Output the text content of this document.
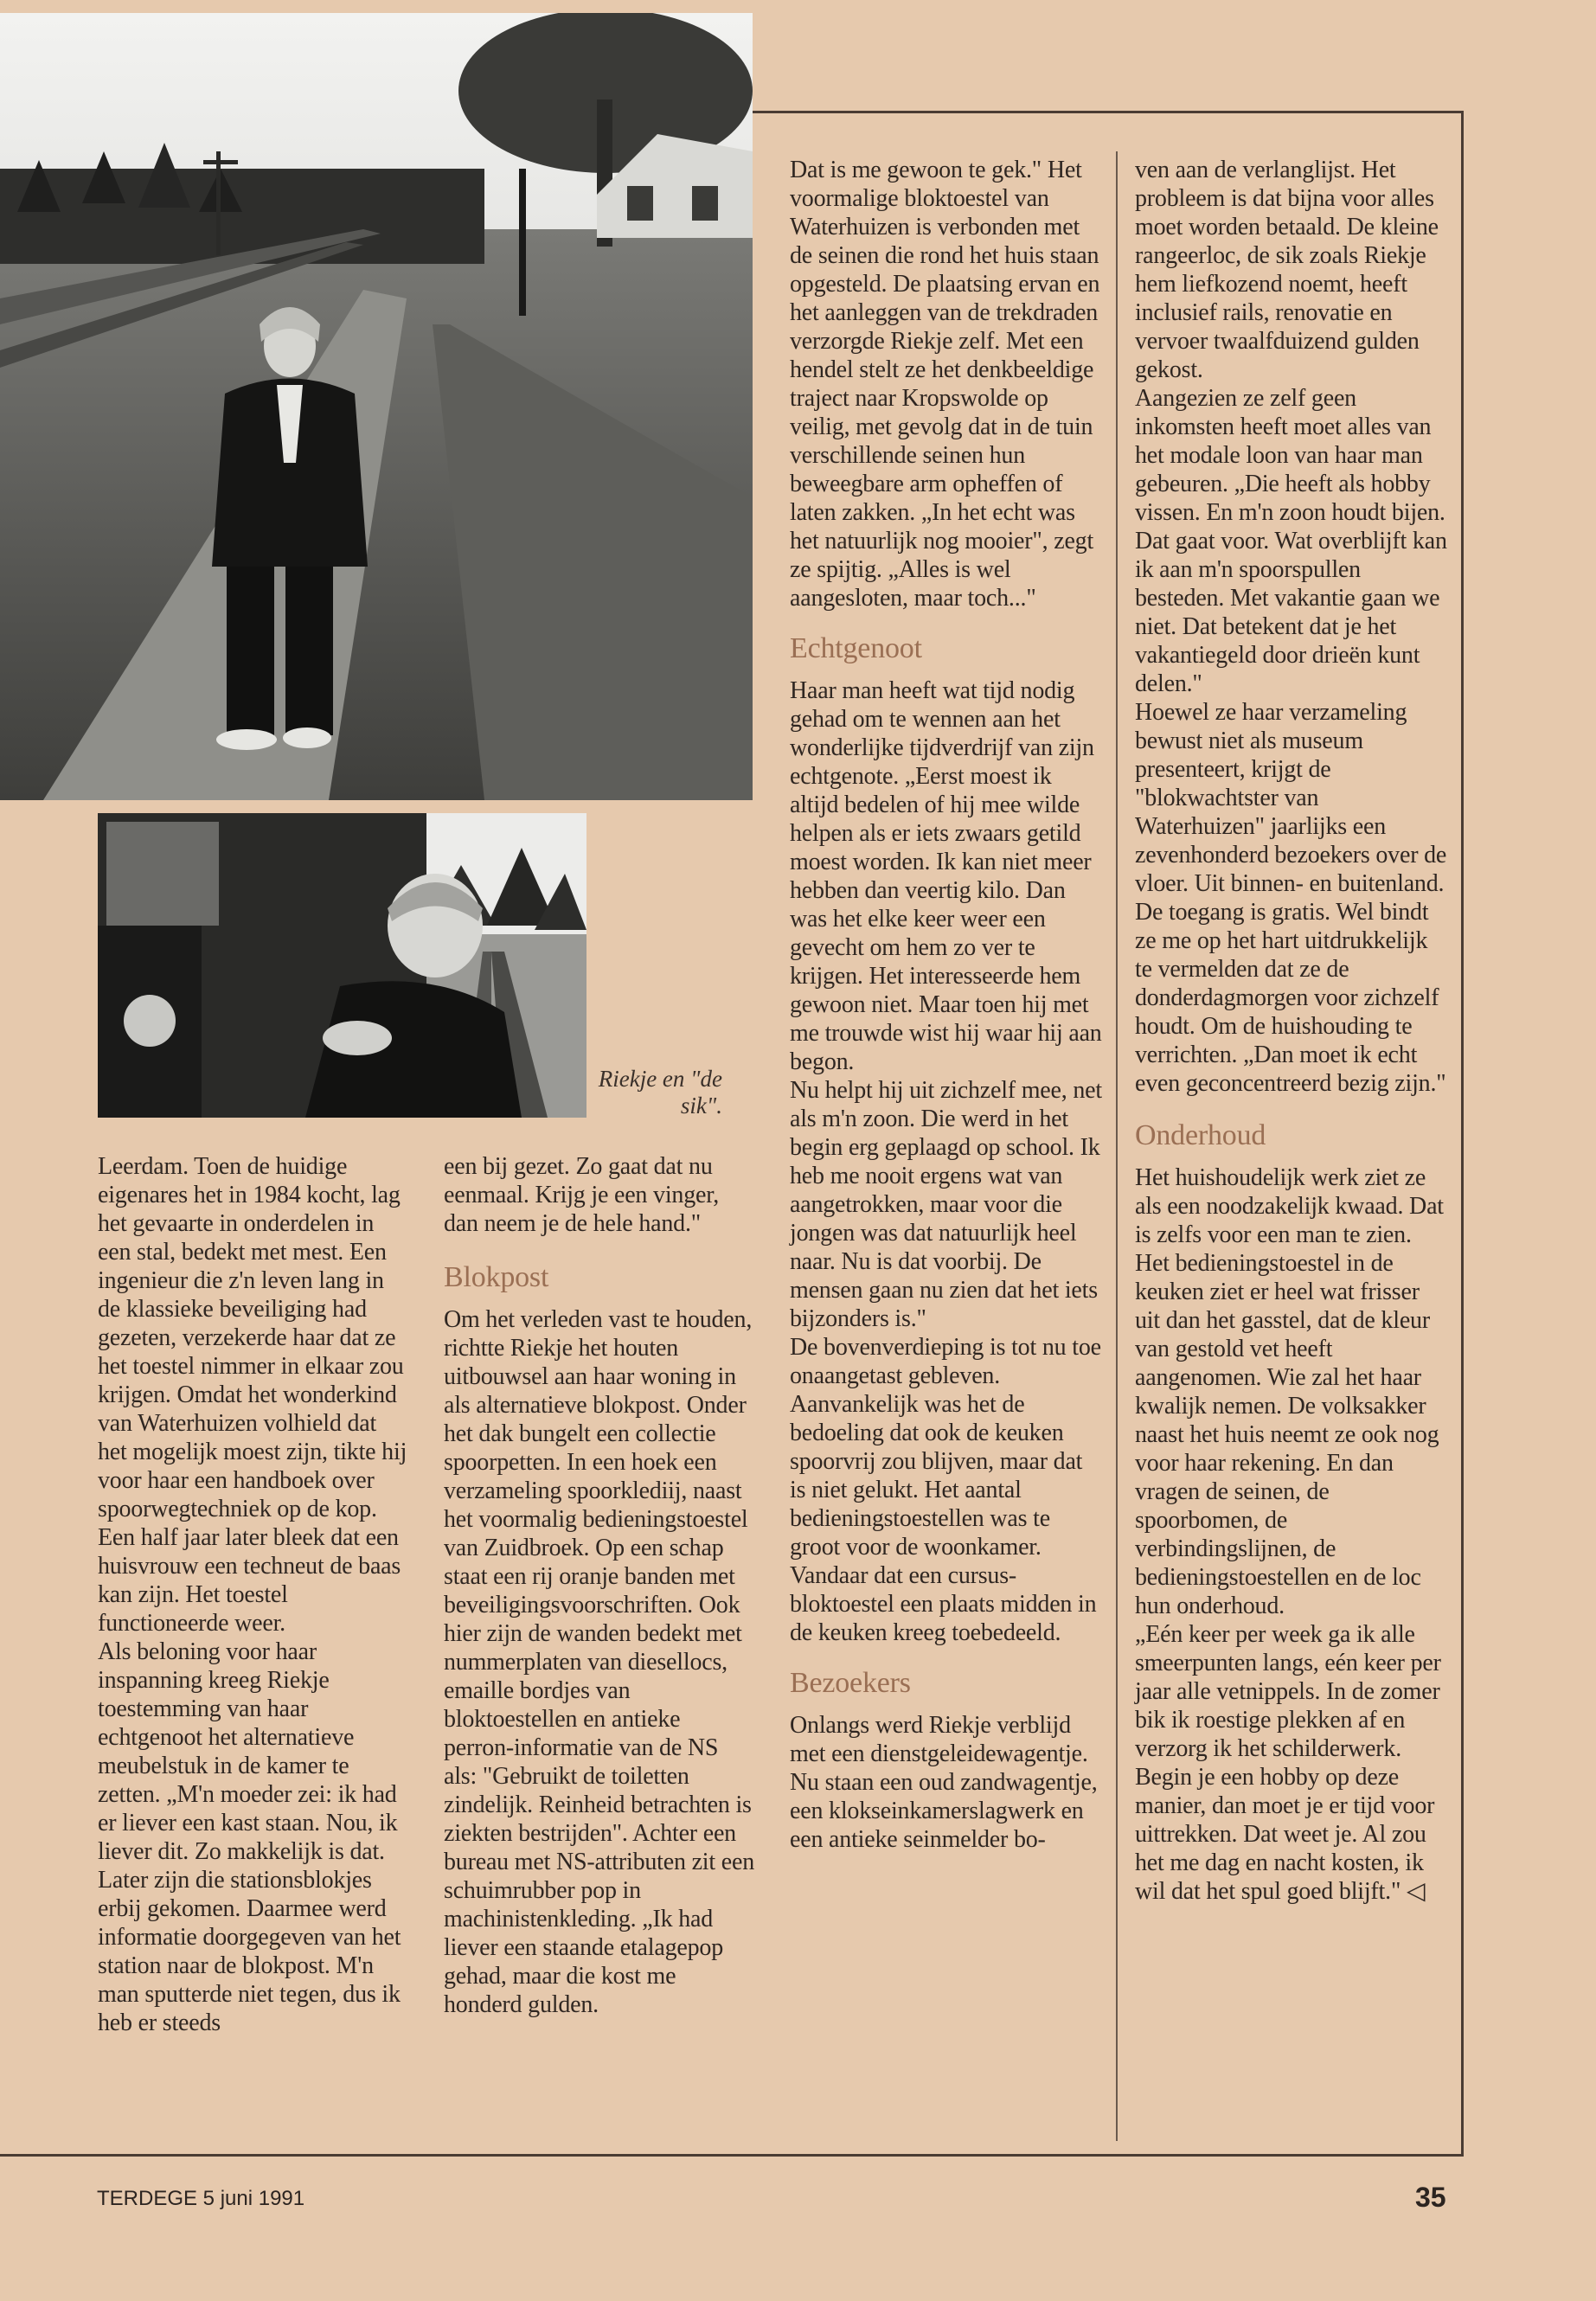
Riekje en "de sik".

Leerdam. Toen de huidige eigenares het in 1984 kocht, lag het gevaarte in onderdelen in een stal, bedekt met mest. Een ingenieur die z'n leven lang in de klassieke beveiliging had gezeten, verzekerde haar dat ze het toestel nimmer in elkaar zou krijgen. Omdat het wonderkind van Waterhuizen volhield dat het mogelijk moest zijn, tikte hij voor haar een handboek over spoorwegtechniek op de kop. Een half jaar later bleek dat een huisvrouw een techneut de baas kan zijn. Het toestel functioneerde weer.

Als beloning voor haar inspanning kreeg Riekje toestemming van haar echtgenoot het alternatieve meubelstuk in de kamer te zetten. „M'n moeder zei: ik had er liever een kast staan. Nou, ik liever dit. Zo makkelijk is dat. Later zijn die stationsblokjes erbij gekomen. Daarmee werd informatie doorgegeven van het station naar de blokpost. M'n man sputterde niet tegen, dus ik heb er steeds

een bij gezet. Zo gaat dat nu eenmaal. Krijg je een vinger, dan neem je de hele hand."

Blokpost

Om het verleden vast te houden, richtte Riekje het houten uitbouwsel aan haar woning in als alternatieve blokpost. Onder het dak bungelt een collectie spoorpetten. In een hoek een verzameling spoorklediij, naast het voormalig bedieningstoestel van Zuidbroek. Op een schap staat een rij oranje banden met beveiligingsvoorschriften. Ook hier zijn de wanden bedekt met nummerplaten van diesellocs, emaille bordjes van bloktoestellen en antieke perron-informatie van de NS als: "Gebruikt de toiletten zindelijk. Reinheid betrachten is ziekten bestrijden". Achter een bureau met NS-attributen zit een schuimrubber pop in machinistenkleding. „Ik had liever een staande etalagepop gehad, maar die kost me honderd gulden.

Dat is me gewoon te gek." Het voormalige bloktoestel van Waterhuizen is verbonden met de seinen die rond het huis staan opgesteld. De plaatsing ervan en het aanleggen van de trekdraden verzorgde Riekje zelf. Met een hendel stelt ze het denkbeeldige traject naar Kropswolde op veilig, met gevolg dat in de tuin verschillende seinen hun beweegbare arm opheffen of laten zakken. „In het echt was het natuurlijk nog mooier", zegt ze spijtig. „Alles is wel aangesloten, maar toch..."

Echtgenoot

Haar man heeft wat tijd nodig gehad om te wennen aan het wonderlijke tijdverdrijf van zijn echtgenote. „Eerst moest ik altijd bedelen of hij mee wilde helpen als er iets zwaars getild moest worden. Ik kan niet meer hebben dan veertig kilo. Dan was het elke keer weer een gevecht om hem zo ver te krijgen. Het interesseerde hem gewoon niet. Maar toen hij met me trouwde wist hij waar hij aan begon.

Nu helpt hij uit zichzelf mee, net als m'n zoon. Die werd in het begin erg geplaagd op school. Ik heb me nooit ergens wat van aangetrokken, maar voor die jongen was dat natuurlijk heel naar. Nu is dat voorbij. De mensen gaan nu zien dat het iets bijzonders is."

De bovenverdieping is tot nu toe onaangetast gebleven. Aanvankelijk was het de bedoeling dat ook de keuken spoorvrij zou blijven, maar dat is niet gelukt. Het aantal bedieningstoestellen was te groot voor de woonkamer. Vandaar dat een cursus-bloktoestel een plaats midden in de keuken kreeg toebedeeld.

Bezoekers

Onlangs werd Riekje verblijd met een dienstgeleidewagentje. Nu staan een oud zandwagentje, een klokseinkamerslagwerk en een antieke seinmelder bo-

ven aan de verlanglijst. Het probleem is dat bijna voor alles moet worden betaald. De kleine rangeerloc, de sik zoals Riekje hem liefkozend noemt, heeft inclusief rails, renovatie en vervoer twaalfduizend gulden gekost.

Aangezien ze zelf geen inkomsten heeft moet alles van het modale loon van haar man gebeuren. „Die heeft als hobby vissen. En m'n zoon houdt bijen. Dat gaat voor. Wat overblijft kan ik aan m'n spoorspullen besteden. Met vakantie gaan we niet. Dat betekent dat je het vakantiegeld door drieën kunt delen."

Hoewel ze haar verzameling bewust niet als museum presenteert, krijgt de "blokwachtster van Waterhuizen" jaarlijks een zevenhonderd bezoekers over de vloer. Uit binnen- en buitenland. De toegang is gratis. Wel bindt ze me op het hart uitdrukkelijk te vermelden dat ze de donderdagmorgen voor zichzelf houdt. Om de huishouding te verrichten. „Dan moet ik echt even geconcentreerd bezig zijn."

Onderhoud

Het huishoudelijk werk ziet ze als een noodzakelijk kwaad. Dat is zelfs voor een man te zien. Het bedieningstoestel in de keuken ziet er heel wat frisser uit dan het gasstel, dat de kleur van gestold vet heeft aangenomen. Wie zal het haar kwalijk nemen. De volksakker naast het huis neemt ze ook nog voor haar rekening. En dan vragen de seinen, de spoorbomen, de verbindingslijnen, de bedieningstoestellen en de loc hun onderhoud.

„Eén keer per week ga ik alle smeerpunten langs, eén keer per jaar alle vetnippels. In de zomer bik ik roestige plekken af en verzorg ik het schilderwerk. Begin je een hobby op deze manier, dan moet je er tijd voor uittrekken. Dat weet je. Al zou het me dag en nacht kosten, ik wil dat het spul goed blijft." ◁

TERDEGE 5 juni 1991	35
